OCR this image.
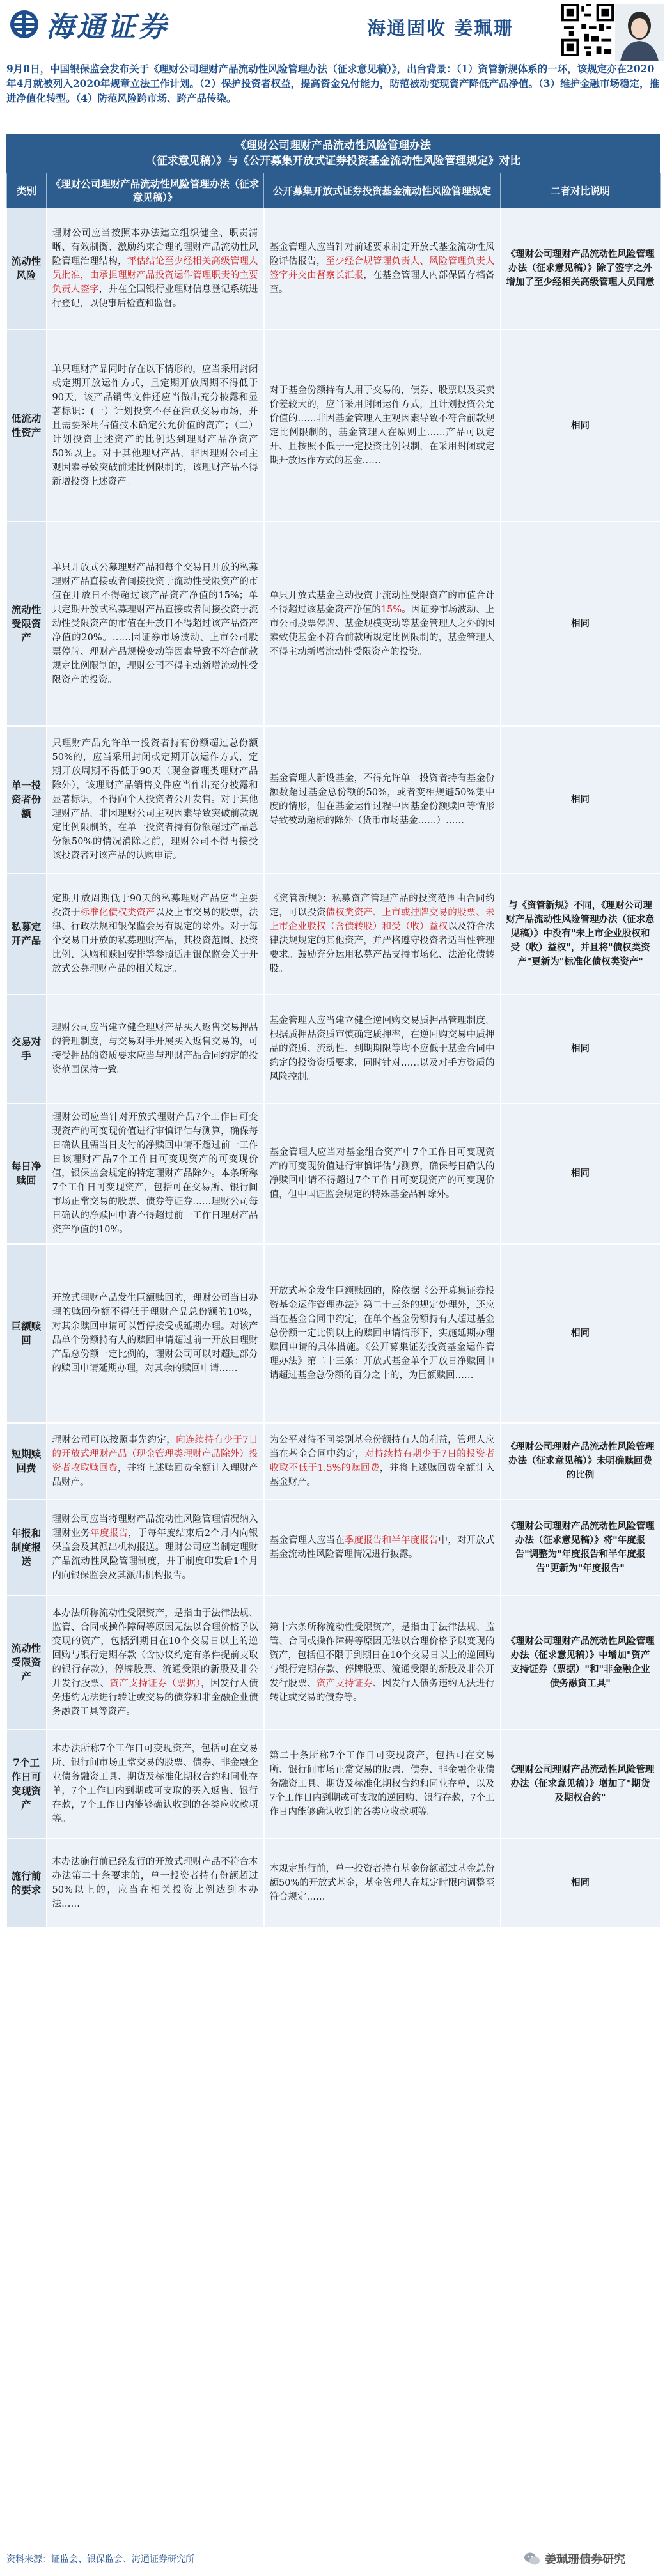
海通证券	海通固收 姜珮珊
9月8日，中国银保监会发布关于《理财公司理财产品流动性风险管理办法（征求意见稿）》，出台背景：（1）资管新规体系的一环，该规定亦在2020年4月就被列入2020年规章立法工作计划。（2）保护投资者权益，提高资金兑付能力，防范被动变现資产降低产品净值。（3）维护金融市场稳定，推进净值化转型。（4）防范风险跨市场、跨产品传染。
《理财公司理财产品流动性风险管理办法
（征求意见稿）》与《公开募集开放式证券投资基金流动性风险管理规定》对比
类别	《理财公司理财产品流动性风险管理办法（征求意见稿）》	公开募集开放式证券投资基金流动性风险管理规定	二者对比说明
流动性风险	理财公司应当按照本办法建立组织健全、职责清晰、有效制衡、激励约束合理的理财产品流动性风险管理治理结构，评估结论至少经相关高级管理人员批准，由承担理财产品投资运作管理职责的主要负责人签字，并在全国银行业理财信息登记系统进行登记，以便事后检查和监督。	基金管理人应当针对前述要求制定开放式基金流动性风险评估报告，至少经合规管理负责人、风险管理负责人签字并交由督察长汇报，在基金管理人内部保留存档备查。	《理财公司理财产品流动性风险管理办法（征求意见稿）》除了签字之外增加了至少经相关高级管理人员同意
低流动性资产	单只理财产品同时存在以下情形的，应当采用封闭或定期开放运作方式，且定期开放周期不得低于90天，该产品销售文件还应当做出充分披露和显著标识：(一）计划投资不存在活跃交易市场，并且需要采用估值技术确定公允价值的资产；（二）计划投资上述资产的比例达到理财产品净资产50%以上。对于其他理财产品，非因理财公司主观因素导致突破前述比例限制的，该理财产品不得新增投资上述资产。	对于基金份额持有人用于交易的，债券、股票以及买卖价差较大的，应当采用封闭运作方式，且计划投资公允价值的……非因基金管理人主观因素导致不符合前款规定比例限制的，基金管理人在原则上……产品可以定开、且按照不低于一定投资比例限制，在采用封闭或定期开放运作方式的基金……	相同
流动性受限资产	单只开放式公募理财产品和每个交易日开放的私募理财产品直接或者间接投资于流动性受限资产的市值在开放日不得超过该产品资产净值的15%；单只定期开放式私募理财产品直接或者间接投资于流动性受限资产的市值在开放日不得超过该产品资产净值的20%。……因证券市场波动、上市公司股票停牌、理财产品规模变动等因素导致不符合前款规定比例限制的，理财公司不得主动新增流动性受限资产的投资。	单只开放式基金主动投资于流动性受限资产的市值合计不得超过该基金资产净值的15%。因证券市场波动、上市公司股票停牌、基金规模变动等基金管理人之外的因素致使基金不符合前款所规定比例限制的，基金管理人不得主动新增流动性受限资产的投资。	相同
单一投资者份额	只理财产品允许单一投资者持有份额超过总份额50%的，应当采用封闭或定期开放运作方式，定期开放周期不得低于90天（现金管理类理财产品除外），该理财产品销售文件应当作出充分披露和显著标识，不得向个人投资者公开发售。对于其他理财产品，非因理财公司主观因素导致突破前款规定比例限制的，在单一投资者持有份额超过产品总份额50%的情况消除之前，理财公司不得再接受该投资者对该产品的认购申请。	基金管理人新设基金，不得允许单一投资者持有基金份额数超过基金总份额的50%，或者变相规避50%集中度的情形，但在基金运作过程中因基金份额赎回等情形导致被动超标的除外（货币市场基金……）……	相同
私募定开产品	定期开放周期低于90天的私募理财产品应当主要投资于标准化债权类资产以及上市交易的股票，法律、行政法规和银保监会另有规定的除外。对于每个交易日开放的私募理财产品，其投资范围、投资比例、认购和赎回安排等参照适用银保监会关于开放式公募理财产品的相关规定。	《资管新规》：私募资产管理产品的投资范围由合同约定，可以投资债权类资产、上市或挂牌交易的股票、未上市企业股权（含债转股）和受（收）益权以及符合法律法规规定的其他资产，并严格遵守投资者适当性管理要求。鼓励充分运用私募产品支持市场化、法治化债转股。	与《资管新规》不同，《理财公司理财产品流动性风险管理办法（征求意见稿）》中没有"未上市企业股权和受（收）益权"，并且将"债权类资产"更新为"标准化债权类资产"
交易对手	理财公司应当建立健全理财产品买入返售交易押品的管理制度，与交易对手开展买入返售交易的，可接受押品的资质要求应当与理财产品合同约定的投资范围保持一致。	基金管理人应当建立健全逆回购交易质押品管理制度，根据质押品资质审慎确定质押率，在逆回购交易中质押品的资质、流动性、到期期限等均不应低于基金合同中约定的投资资质要求，同时针对……以及对手方资质的风险控制。	相同
每日净赎回	理财公司应当针对开放式理财产品7个工作日可变现资产的可变现价值进行审慎评估与测算，确保每日确认且需当日支付的净赎回申请不超过前一工作日该理财产品7个工作日可变现资产的可变现价值，银保监会规定的特定理财产品除外。本条所称7个工作日可变现资产，包括可在交易所、银行间市场正常交易的股票、债券等证券……理财公司每日确认的净赎回申请不得超过前一工作日理财产品资产净值的10%。	基金管理人应当对基金组合资产中7个工作日可变现资产的可变现价值进行审慎评估与测算，确保每日确认的净赎回申请不得超过7个工作日可变现资产的可变现价值，但中国证监会规定的特殊基金品种除外。	相同
巨额赎回	开放式理财产品发生巨额赎回的，理财公司当日办理的赎回份额不得低于理财产品总份额的10%，对其余赎回申请可以暂停接受或延期办理。对该产品单个份额持有人的赎回申请超过前一开放日理财产品总份额一定比例的，理财公司可以对超过部分的赎回申请延期办理，对其余的赎回申请……	开放式基金发生巨额赎回的，除依据《公开募集证券投资基金运作管理办法》第二十三条的规定处理外，还应当在基金合同中约定，在单个基金份额持有人超过基金总份额一定比例以上的赎回申请情形下，实施延期办理赎回申请的具体措施。《公开募集证券投资基金运作管理办法》第二十三条：开放式基金单个开放日净赎回申请超过基金总份额的百分之十的，为巨额赎回……	相同
短期赎回费	理财公司可以按照事先约定，向连续持有少于7日的开放式理财产品（现金管理类理财产品除外）投资者收取赎回费，并将上述赎回费全额计入理财产品财产。	为公平对待不同类别基金份额持有人的利益，管理人应当在基金合同中约定，对持续持有期少于7日的投资者收取不低于1.5%的赎回费，并将上述赎回费全额计入基金财产。	《理财公司理财产品流动性风险管理办法（征求意见稿）》未明确赎回费的比例
年报和制度报送	理财公司应当将理财产品流动性风险管理情况纳入理财业务年度报告，于每年度结束后2个月内向银保监会及其派出机构报送。理财公司应当制定理财产品流动性风险管理制度，并于制度印发后1个月内向银保监会及其派出机构报告。	基金管理人应当在季度报告和半年度报告中，对开放式基金流动性风险管理情况进行披露。	《理财公司理财产品流动性风险管理办法（征求意见稿）》将"年度报告"调整为"年度报告和半年度报告"更新为"年度报告"
流动性受限资产	本办法所称流动性受限资产，是指由于法律法规、监管、合同或操作障碍等原因无法以合理价格予以变现的资产，包括到期日在10个交易日以上的逆回购与银行定期存款（含协议约定有条件提前支取的银行存款），停牌股票、流通受限的新股及非公开发行股票、资产支持证券（票据），因发行人债务违约无法进行转让或交易的债券和非金融企业债务融资工具等资产。	第十六条所称流动性受限资产，是指由于法律法规、监管、合同或操作障碍等原因无法以合理价格予以变现的资产，包括但不限于到期日在10个交易日以上的逆回购与银行定期存款、停牌股票、流通受限的新股及非公开发行股票、资产支持证券、因发行人债务违约无法进行转让或交易的债券等。	《理财公司理财产品流动性风险管理办法（征求意见稿）》中增加"资产支持证券（票据）"和"非金融企业债务融资工具"
7个工作日可变现资产	本办法所称7个工作日可变现资产，包括可在交易所、银行间市场正常交易的股票、债券、非金融企业债务融资工具、期货及标准化期权合约和同业存单，7个工作日内到期或可支取的买入返售、银行存款，7个工作日内能够确认收到的各类应收款项等。	第二十条所称7个工作日可变现资产，包括可在交易所、银行间市场正常交易的股票、债券、非金融企业债务融资工具、期货及标准化期权合约和同业存单，以及7个工作日内到期或可支取的逆回购、银行存款，7个工作日内能够确认收到的各类应收款项等。	《理财公司理财产品流动性风险管理办法（征求意见稿）》增加了"期货及期权合约"
施行前的要求	本办法施行前已经发行的开放式理财产品不符合本办法第二十条要求的，单一投资者持有份额超过50%以上的，应当在相关投资比例达到本办法……	本规定施行前，单一投资者持有基金份额超过基金总份额50%的开放式基金，基金管理人在规定时限内调整至符合规定……	相同
资料来源：证监会、银保监会、海通证券研究所	姜珮珊债券研究
